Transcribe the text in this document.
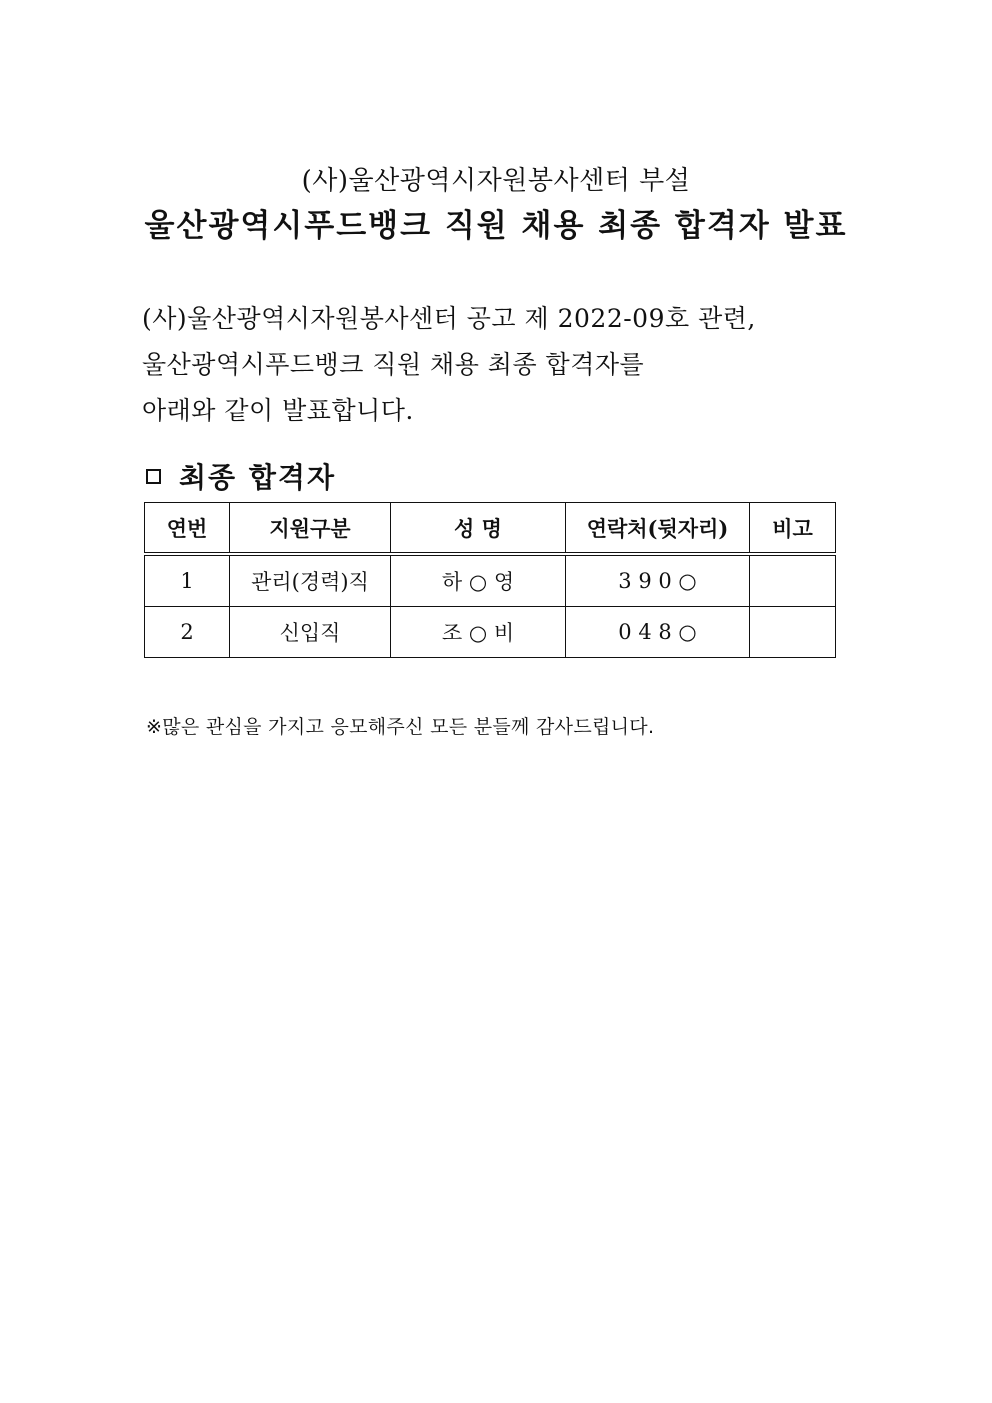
(사)울산광역시자원봉사센터 부설
울산광역시푸드뱅크 직원 채용 최종 합격자 발표
(사)울산광역시자원봉사센터 공고 제 2022-09호 관련,
울산광역시푸드뱅크 직원 채용 최종 합격자를
아래와 같이 발표합니다.
최종 합격자
연번	지원구분	성 명	연락처(뒷자리)	비고
1	관리(경력)직	하 ○ 영	3 9 0 ○	
2	신입직	조 ○ 비	0 4 8 ○	
※많은 관심을 가지고 응모해주신 모든 분들께 감사드립니다.
